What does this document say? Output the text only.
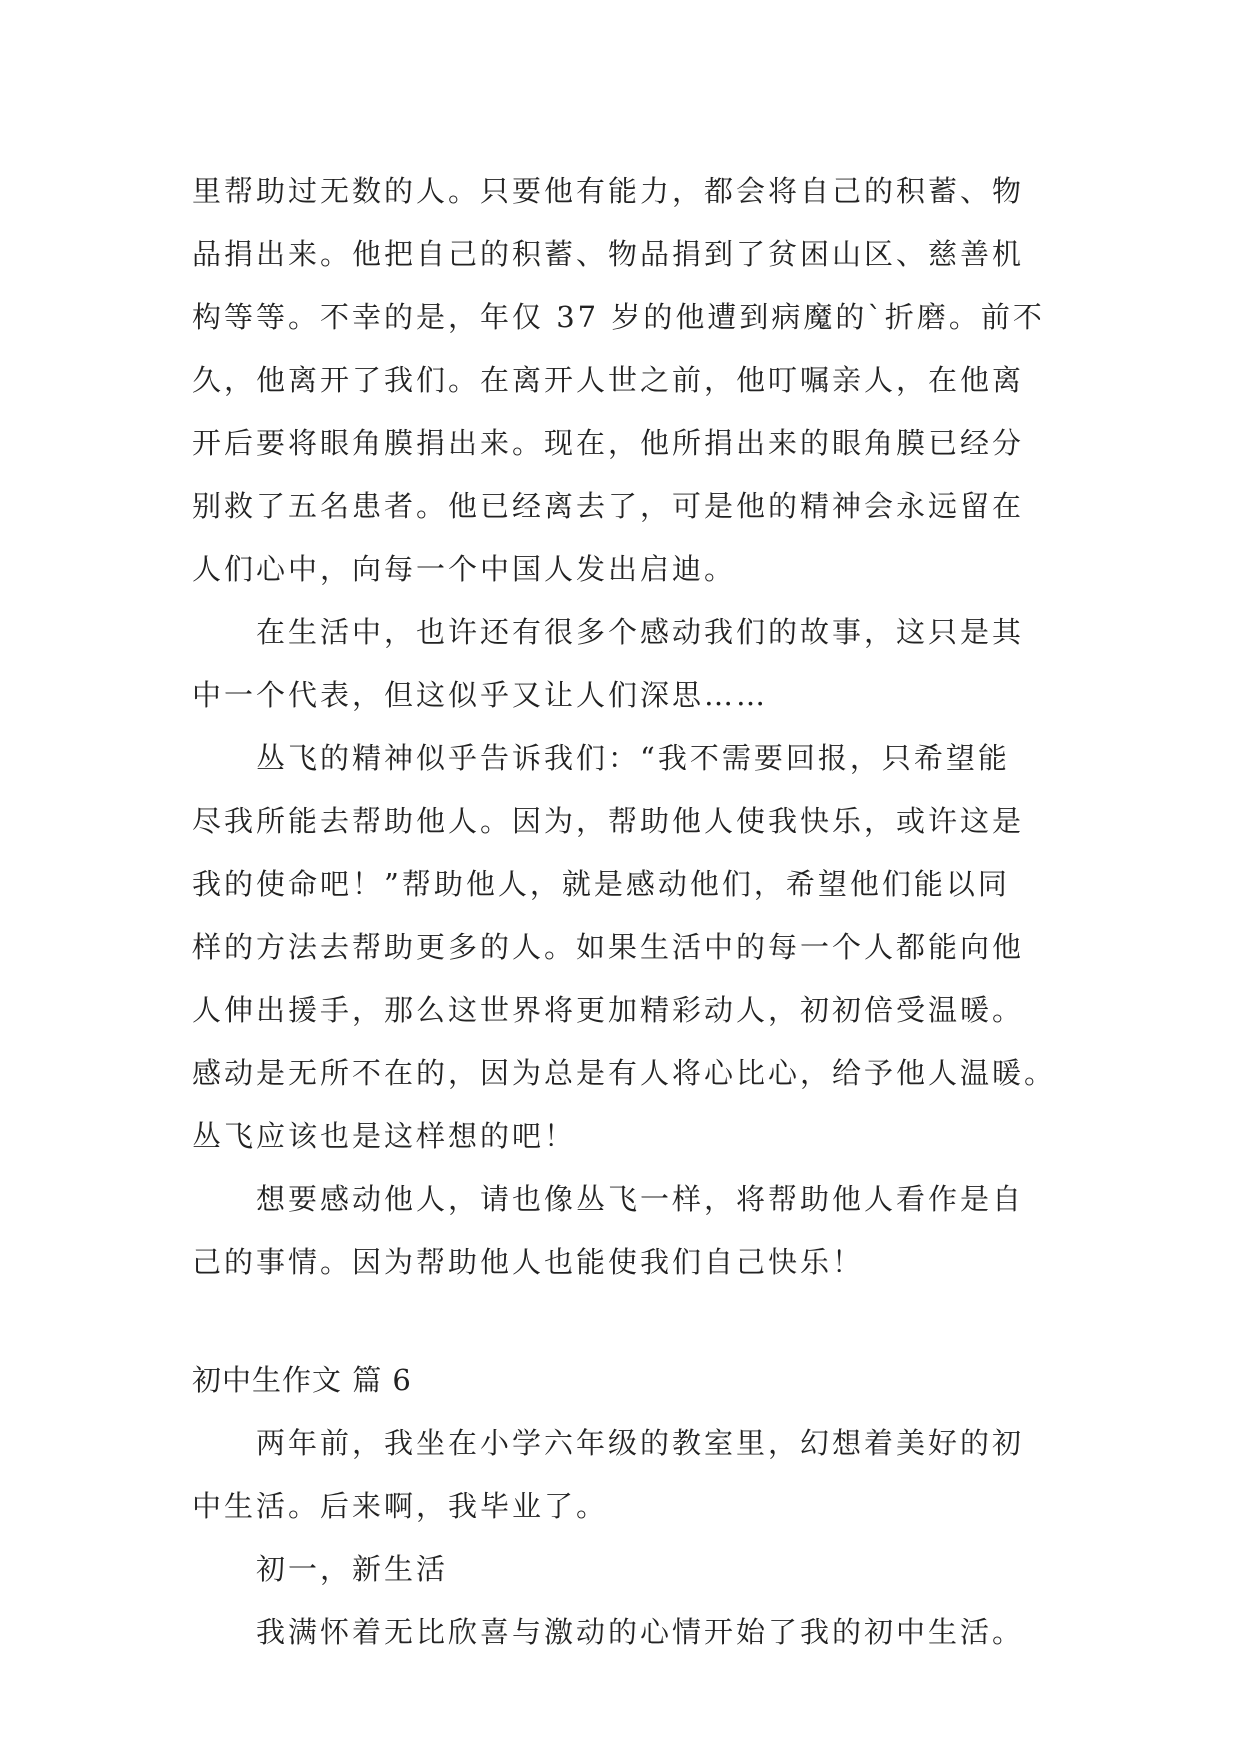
里帮助过无数的人。只要他有能力，都会将自己的积蓄、物
品捐出来。他把自己的积蓄、物品捐到了贫困山区、慈善机
构等等。不幸的是，年仅 37 岁的他遭到病魔的`折磨。前不
久，他离开了我们。在离开人世之前，他叮嘱亲人，在他离
开后要将眼角膜捐出来。现在，他所捐出来的眼角膜已经分
别救了五名患者。他已经离去了，可是他的精神会永远留在
人们心中，向每一个中国人发出启迪。
在生活中，也许还有很多个感动我们的故事，这只是其
中一个代表，但这似乎又让人们深思……
丛飞的精神似乎告诉我们：“我不需要回报，只希望能
尽我所能去帮助他人。因为，帮助他人使我快乐，或许这是
我的使命吧！”帮助他人，就是感动他们，希望他们能以同
样的方法去帮助更多的人。如果生活中的每一个人都能向他
人伸出援手，那么这世界将更加精彩动人，初初倍受温暖。
感动是无所不在的，因为总是有人将心比心，给予他人温暖。
丛飞应该也是这样想的吧！
想要感动他人，请也像丛飞一样，将帮助他人看作是自
己的事情。因为帮助他人也能使我们自己快乐！
初中生作文 篇 6
两年前，我坐在小学六年级的教室里，幻想着美好的初
中生活。后来啊，我毕业了。
初一，新生活
我满怀着无比欣喜与激动的心情开始了我的初中生活。
